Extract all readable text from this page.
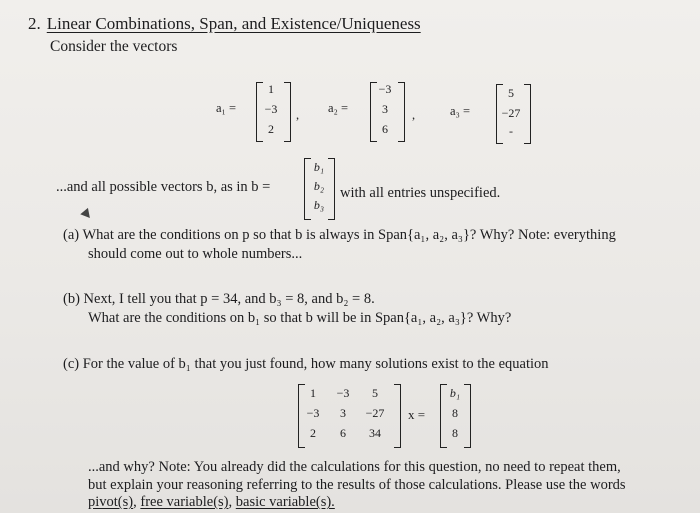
2. Linear Combinations, Span, and Existence/Uniqueness
Consider the vectors
a₁ =
1
−3
2
, a₂ =
−3
3
6
,	a₃ =
5
−27
-
...and all possible vectors b, as in b =
b₁
b₂
b₃
with all entries unspecified.
(a) What are the conditions on p so that b is always in Span{a₁, a₂, a₃}? Why? Note: everything
should come out to whole numbers...
(b) Next, I tell you that p = 34, and b₃ = 8, and b₂ = 8.
What are the conditions on b₁ so that b will be in Span{a₁, a₂, a₃}? Why?
(c) For the value of b₁ that you just found, how many solutions exist to the equation
1	−3	5
−3	3	−27
2	6	34
x =
b₁
8
8
...and why? Note: You already did the calculations for this question, no need to repeat them,
but explain your reasoning referring to the results of those calculations. Please use the words
pivot(s), free variable(s), basic variable(s).
